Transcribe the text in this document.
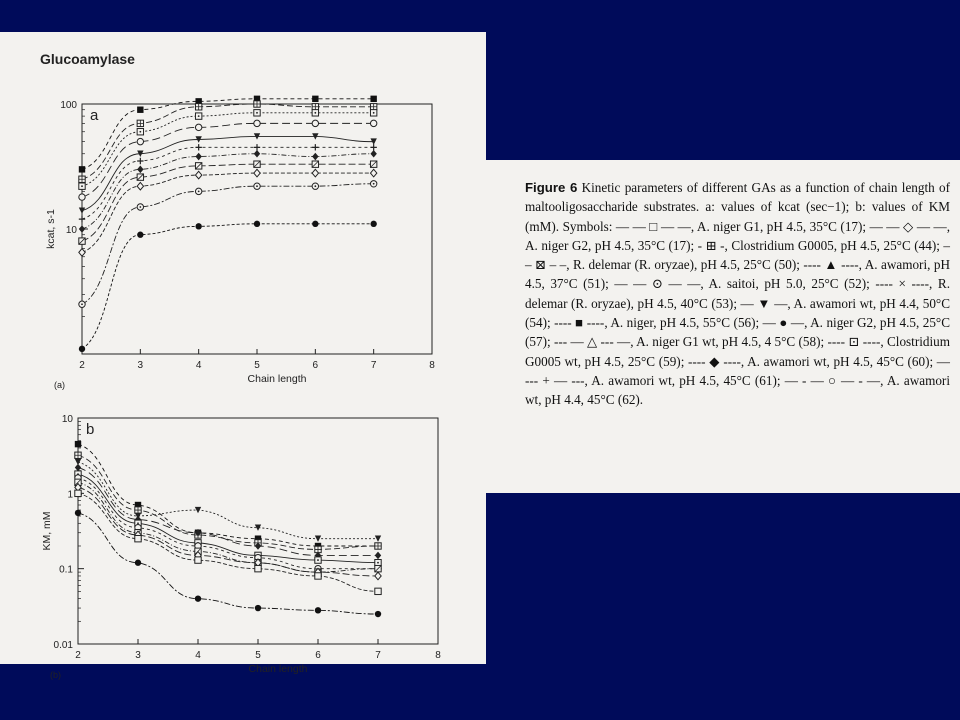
Glucoamylase
2	3	4	5	6	7	8
100
10
Chain length
kcat, s-1
a
(a)
2	3	4	5	6	7	8
10
1
0.1
0.01
Chain length
KM, mM
b
(b)
Figure 6 Kinetic parameters of different GAs as a function of chain length of maltooligosaccharide substrates. a: values of kcat (sec−1); b: values of KM (mM). Symbols: — — □ — —, A. niger G1, pH 4.5, 35°C (17); — — ◇ — —, A. niger G2, pH 4.5, 35°C (17); - ⊞ -, Clostridium G0005, pH 4.5, 25°C (44); – – ⊠ – –, R. delemar (R. oryzae), pH 4.5, 25°C (50); ---- ▲ ----, A. awamori, pH 4.5, 37°C (51); — — ⊙ — —, A. saitoi, pH 5.0, 25°C (52); ---- × ----, R. delemar (R. oryzae), pH 4.5, 40°C (53); — ▼ —, A. awamori wt, pH 4.4, 50°C (54); ---- ■ ----, A. niger, pH 4.5, 55°C (56); — ● —, A. niger G2, pH 4.5, 25°C (57); --- — △ --- —, A. niger G1 wt, pH 4.5, 4 5°C (58); ---- ⊡ ----, Clostridium G0005 wt, pH 4.5, 25°C (59); ---- ◆ ----, A. awamori wt, pH 4.5, 45°C (60); — --- + — ---, A. awamori wt, pH 4.5, 45°C (61); — - — ○ — - —, A. awamori wt, pH 4.4, 45°C (62).
